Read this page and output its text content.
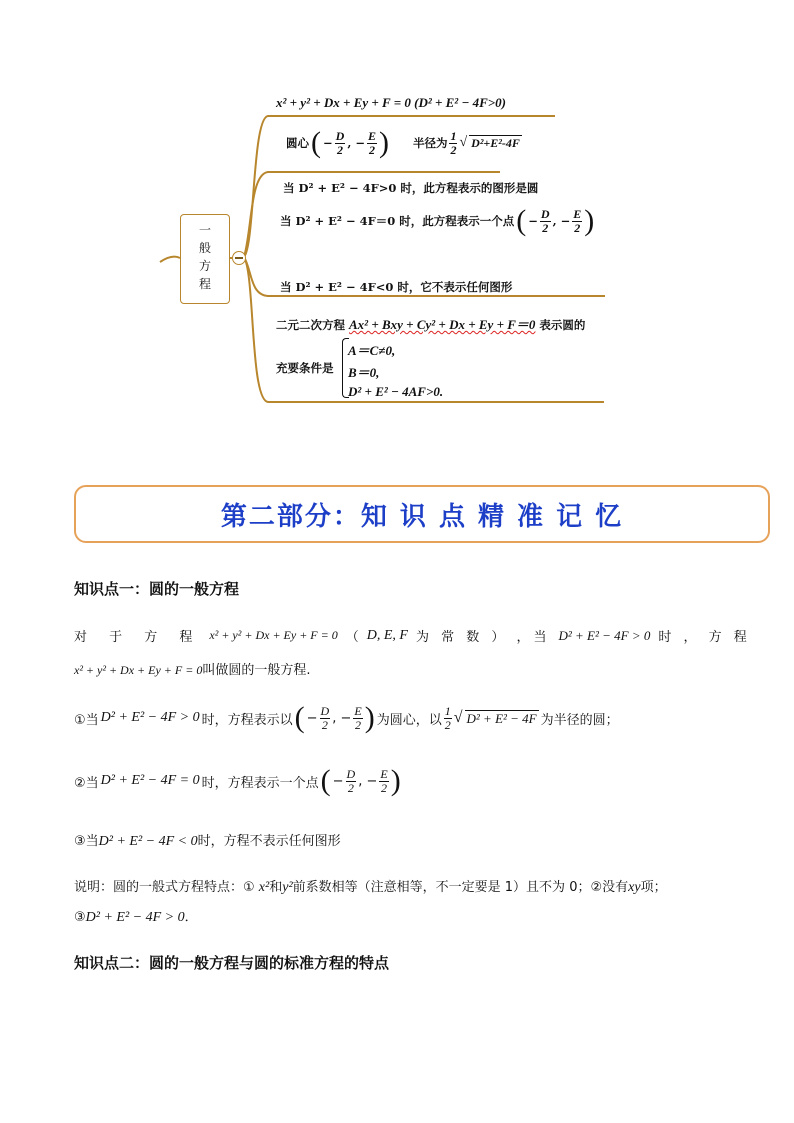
一
般
方
程
x² + y² + Dx + Ey + F = 0 (D² + E² − 4F>0)
圆心 ( − $\frac{D}{2}$ , − $\frac{E}{2}$ ) 半径为 $\frac{1}{2}$ √ D²+E²-4F
当 D² + E² − 4F>0 时，此方程表示的图形是圆
当 D² + E² − 4F＝0 时，此方程表示一个点 ( − $\frac{D}{2}$ , − $\frac{E}{2}$ )
当 D² + E² − 4F<0 时，它不表示任何图形
二元二次方程 Ax² + Bxy + Cy² + Dx + Ey + F＝0 表示圆的
充要条件是
A＝C≠0,
B＝0,
D² + E² − 4AF>0.
第二部分：知 识 点 精 准 记 忆
知识点一：圆的一般方程
对 于 方 程 x² + y² + Dx + Ey + F = 0 （ D, E, F 为 常 数 ） ，当 D² + E² − 4F > 0 时 ， 方 程
x² + y² + Dx + Ey + F = 0叫做圆的一般方程.
①当 D² + E² − 4F > 0 时，方程表示以 ( − $\frac{D}{2}$ , − $\frac{E}{2}$ ) 为圆心，以 $\frac{1}{2}$ √ D² + E² − 4F 为半径的圆；
②当 D² + E² − 4F = 0 时，方程表示一个点 ( − $\frac{D}{2}$ , − $\frac{E}{2}$ )
③当D² + E² − 4F < 0时，方程不表示任何图形
说明：圆的一般式方程特点：① x²和y²前系数相等（注意相等，不一定要是 1）且不为 0；②没有xy项；
③D² + E² − 4F > 0．
知识点二：圆的一般方程与圆的标准方程的特点
